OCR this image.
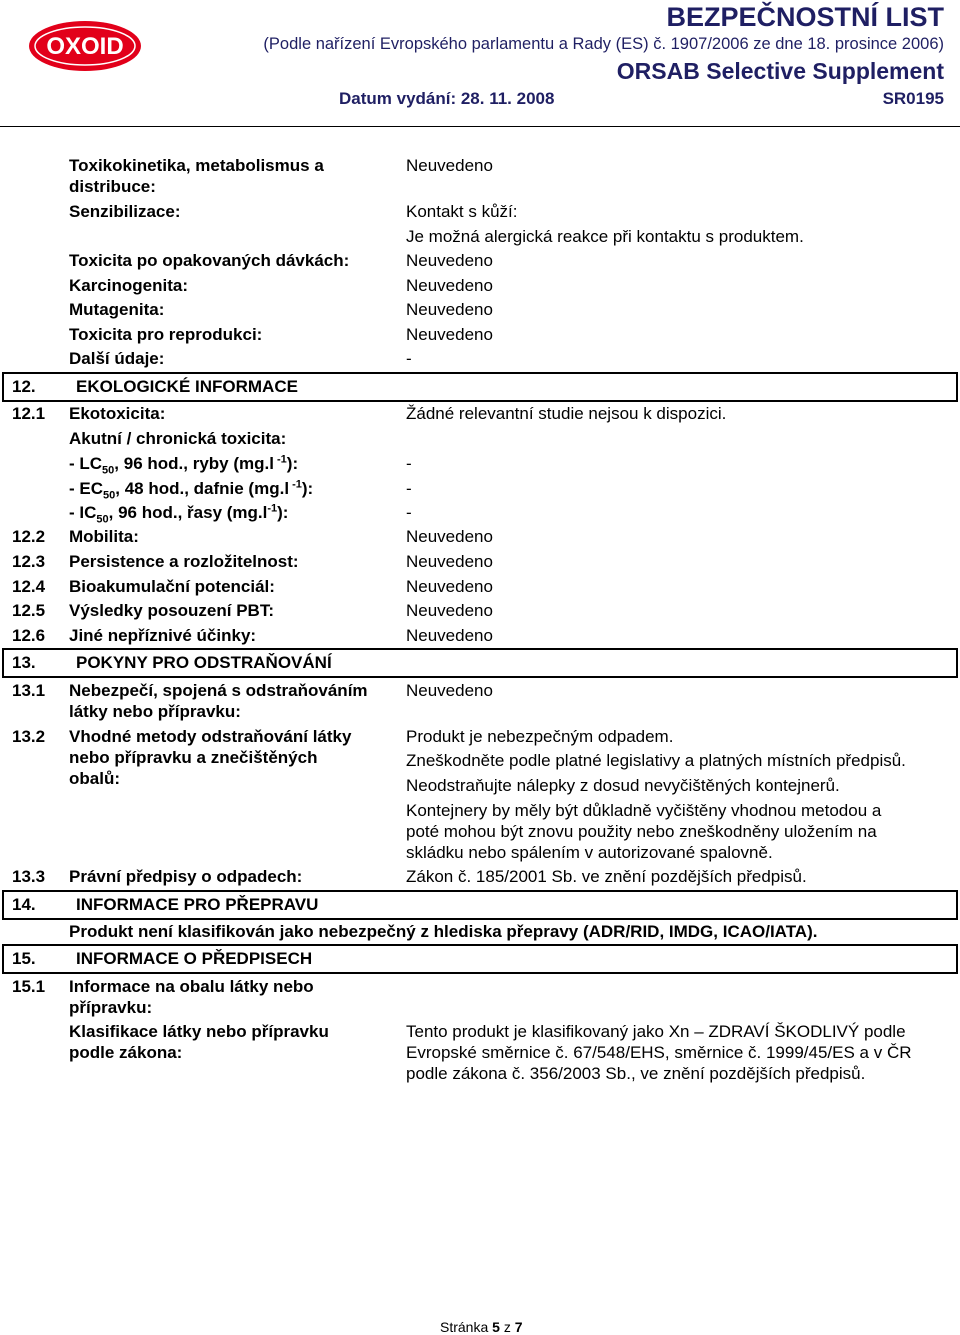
OXOID
BEZPEČNOSTNÍ LIST
(Podle nařízení Evropského parlamentu a Rady (ES) č. 1907/2006 ze dne 18. prosince 2006)
ORSAB Selective Supplement
Datum vydání: 28. 11. 2008	SR0195
Toxikokinetika, metabolismus a
distribuce:
Neuvedeno
Senzibilizace:	Kontakt s kůží:
Je možná alergická reakce při kontaktu s produktem.
Toxicita po opakovaných dávkách:	Neuvedeno
Karcinogenita:	Neuvedeno
Mutagenita:	Neuvedeno
Toxicita pro reprodukci:	Neuvedeno
Další údaje:	-
12. EKOLOGICKÉ INFORMACE
12.1 Ekotoxicita:	Žádné relevantní studie nejsou k dispozici.
Akutní / chronická toxicita:
- $LC_{50}$, 96 hod., ryby (mg.l $^{-1}$):	-
- $EC_{50}$, 48 hod., dafnie (mg.l $^{-1}$):	-
- $IC_{50}$, 96 hod., řasy $(mg.l^{-1})$:	-
12.2 Mobilita:	Neuvedeno
12.3 Persistence a rozložitelnost:	Neuvedeno
12.4 Bioakumulační potenciál:	Neuvedeno
12.5 Výsledky posouzení PBT:	Neuvedeno
12.6 Jiné nepříznivé účinky:	Neuvedeno
13. POKYNY PRO ODSTRAŇOVÁNÍ
13.1 Nebezpečí, spojená s odstraňováním
látky nebo přípravku:
Neuvedeno
13.2 Vhodné metody odstraňování látky
nebo přípravku a znečištěných
obalů:
Produkt je nebezpečným odpadem.
Zneškodněte podle platné legislativy a platných místních předpisů.
Neodstraňujte nálepky z dosud nevyčištěných kontejnerů.
Kontejnery by měly být důkladně vyčištěny vhodnou metodou a
poté mohou být znovu použity nebo zneškodněny uložením na
skládku nebo spálením v autorizované spalovně.
13.3 Právní předpisy o odpadech:	Zákon č. 185/2001 Sb. ve znění pozdějších předpisů.
14. INFORMACE PRO PŘEPRAVU
Produkt není klasifikován jako nebezpečný z hlediska přepravy (ADR/RID, IMDG, ICAO/IATA).
15. INFORMACE O PŘEDPISECH
15.1 Informace na obalu látky nebo
přípravku:
Klasifikace látky nebo přípravku
podle zákona:
Tento produkt je klasifikovaný jako Xn – ZDRAVÍ ŠKODLIVÝ podle
Evropské směrnice č. 67/548/EHS, směrnice č. 1999/45/ES a v ČR
podle zákona č. 356/2003 Sb., ve znění pozdějších předpisů.
Stránka 5 z 7
